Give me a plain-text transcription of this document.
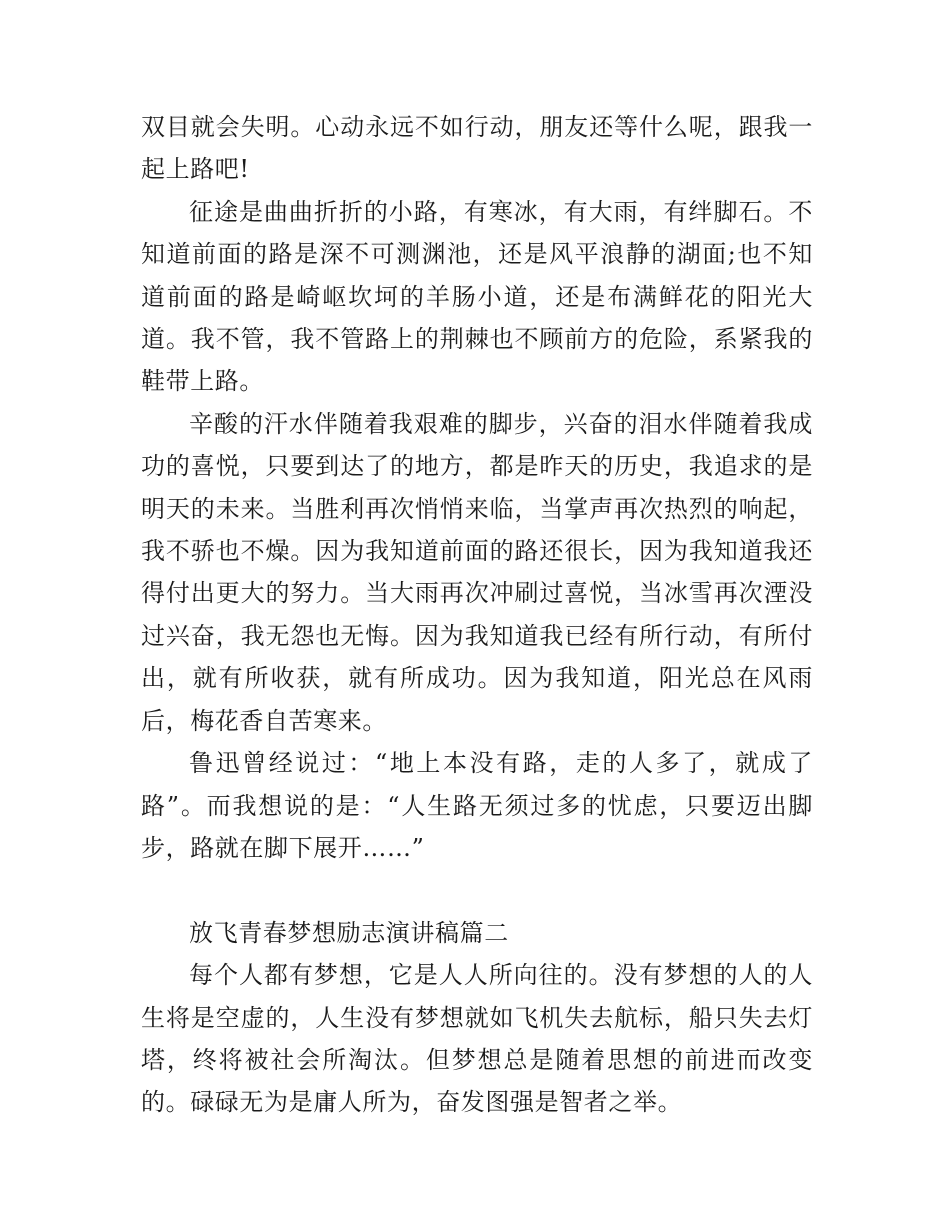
双目就会失明。心动永远不如行动，朋友还等什么呢，跟我一起上路吧!

征途是曲曲折折的小路，有寒冰，有大雨，有绊脚石。不知道前面的路是深不可测渊池，还是风平浪静的湖面;也不知道前面的路是崎岖坎坷的羊肠小道，还是布满鲜花的阳光大道。我不管，我不管路上的荆棘也不顾前方的危险，系紧我的鞋带上路。

辛酸的汗水伴随着我艰难的脚步，兴奋的泪水伴随着我成功的喜悦，只要到达了的地方，都是昨天的历史，我追求的是明天的未来。当胜利再次悄悄来临，当掌声再次热烈的响起，我不骄也不燥。因为我知道前面的路还很长，因为我知道我还得付出更大的努力。当大雨再次冲刷过喜悦，当冰雪再次湮没过兴奋，我无怨也无悔。因为我知道我已经有所行动，有所付出，就有所收获，就有所成功。因为我知道，阳光总在风雨后，梅花香自苦寒来。

鲁迅曾经说过：“地上本没有路，走的人多了，就成了路”。而我想说的是：“人生路无须过多的忧虑，只要迈出脚步，路就在脚下展开……”

放飞青春梦想励志演讲稿篇二

每个人都有梦想，它是人人所向往的。没有梦想的人的人生将是空虚的，人生没有梦想就如飞机失去航标，船只失去灯塔，终将被社会所淘汰。但梦想总是随着思想的前进而改变的。碌碌无为是庸人所为，奋发图强是智者之举。
